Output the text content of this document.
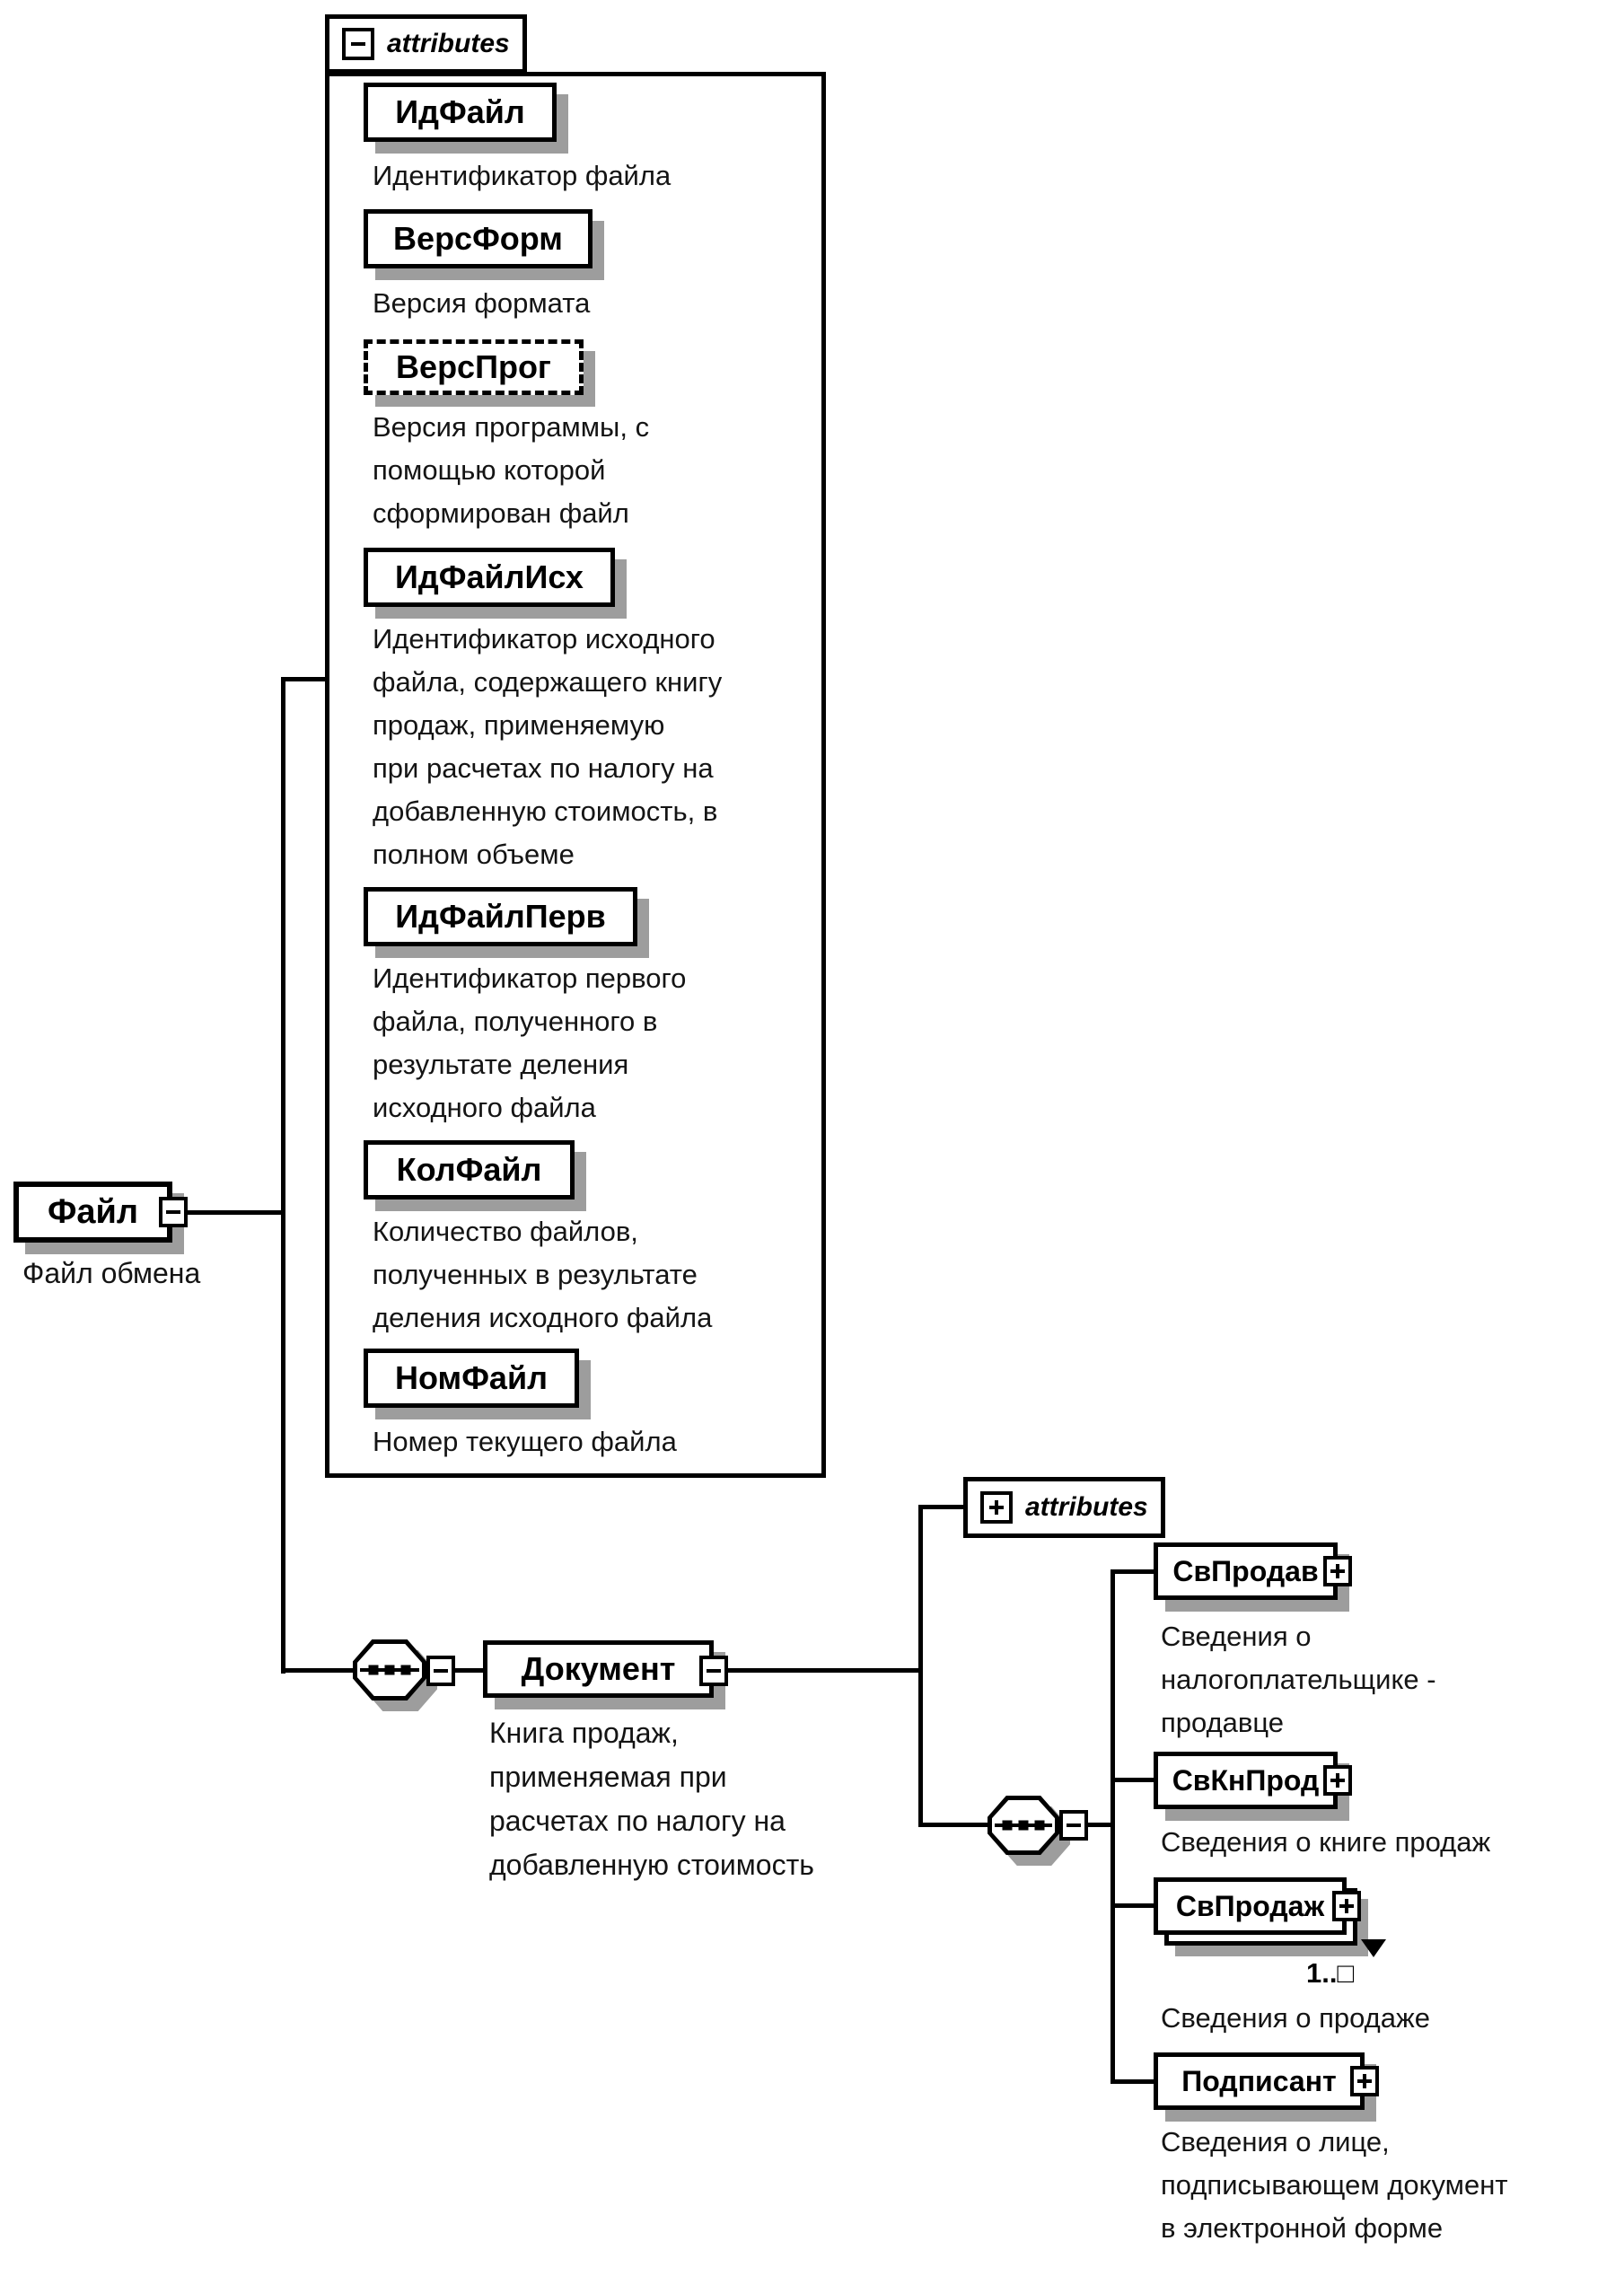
attributes
ИдФайл
Идентификатор файла
ВерсФорм
Версия формата
ВерсПрог
Версия программы, с
помощью которой
сформирован файл
ИдФайлИсх
Идентификатор исходного
файла, содержащего книгу
продаж, применяемую
при расчетах по налогу на
добавленную стоимость, в
полном объеме
ИдФайлПерв
Идентификатор первого
файла, полученного в
результате деления
исходного файла
КолФайл
Количество файлов,
полученных в результате
деления исходного файла
НомФайл
Номер текущего файла
Файл
Файл обмена
Документ
Книга продаж,
применяемая при
расчетах по налогу на
добавленную стоимость
attributes
СвПродав
Сведения о
налогоплательщике -
продавце
СвКнПрод
Сведения о книге продаж
СвПродаж
1..□
Сведения о продаже
Подписант
Сведения о лице,
подписывающем документ
в электронной форме
